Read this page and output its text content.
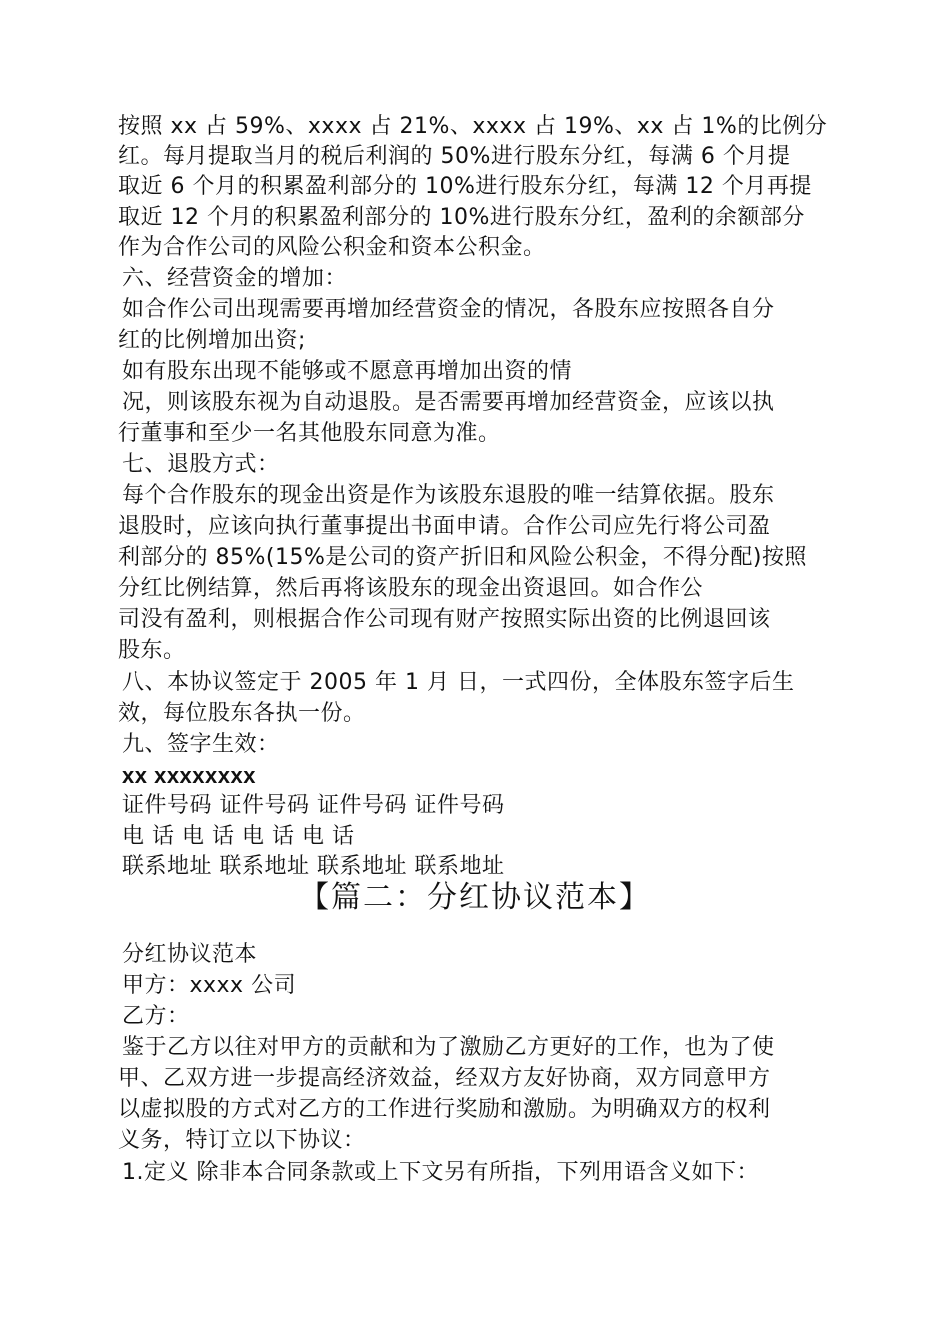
按照 xx 占 59%、xxxx 占 21%、xxxx 占 19%、xx 占 1%的比例分
红。每月提取当月的税后利润的 50%进行股东分红，每满 6 个月提
取近 6 个月的积累盈利部分的 10%进行股东分红，每满 12 个月再提
取近 12 个月的积累盈利部分的 10%进行股东分红，盈利的余额部分
作为合作公司的风险公积金和资本公积金。
六、经营资金的增加：
如合作公司出现需要再增加经营资金的情况，各股东应按照各自分
红的比例增加出资;
如有股东出现不能够或不愿意再增加出资的情
况，则该股东视为自动退股。是否需要再增加经营资金，应该以执
行董事和至少一名其他股东同意为准。
七、退股方式：
每个合作股东的现金出资是作为该股东退股的唯一结算依据。股东
退股时，应该向执行董事提出书面申请。合作公司应先行将公司盈
利部分的 85%(15%是公司的资产折旧和风险公积金，不得分配)按照
分红比例结算，然后再将该股东的现金出资退回。如合作公
司没有盈利，则根据合作公司现有财产按照实际出资的比例退回该
股东。
八、本协议签定于 2005 年 1 月 日，一式四份，全体股东签字后生
效，每位股东各执一份。
九、签字生效：
xx xxxxxxxx
证件号码 证件号码 证件号码 证件号码
电 话 电 话 电 话 电 话
联系地址 联系地址 联系地址 联系地址
【篇二：分红协议范本】
分红协议范本
甲方：xxxx 公司
乙方：
鉴于乙方以往对甲方的贡献和为了激励乙方更好的工作，也为了使
甲、乙双方进一步提高经济效益，经双方友好协商，双方同意甲方
以虚拟股的方式对乙方的工作进行奖励和激励。为明确双方的权利
义务，特订立以下协议：
1.定义 除非本合同条款或上下文另有所指，下列用语含义如下：
